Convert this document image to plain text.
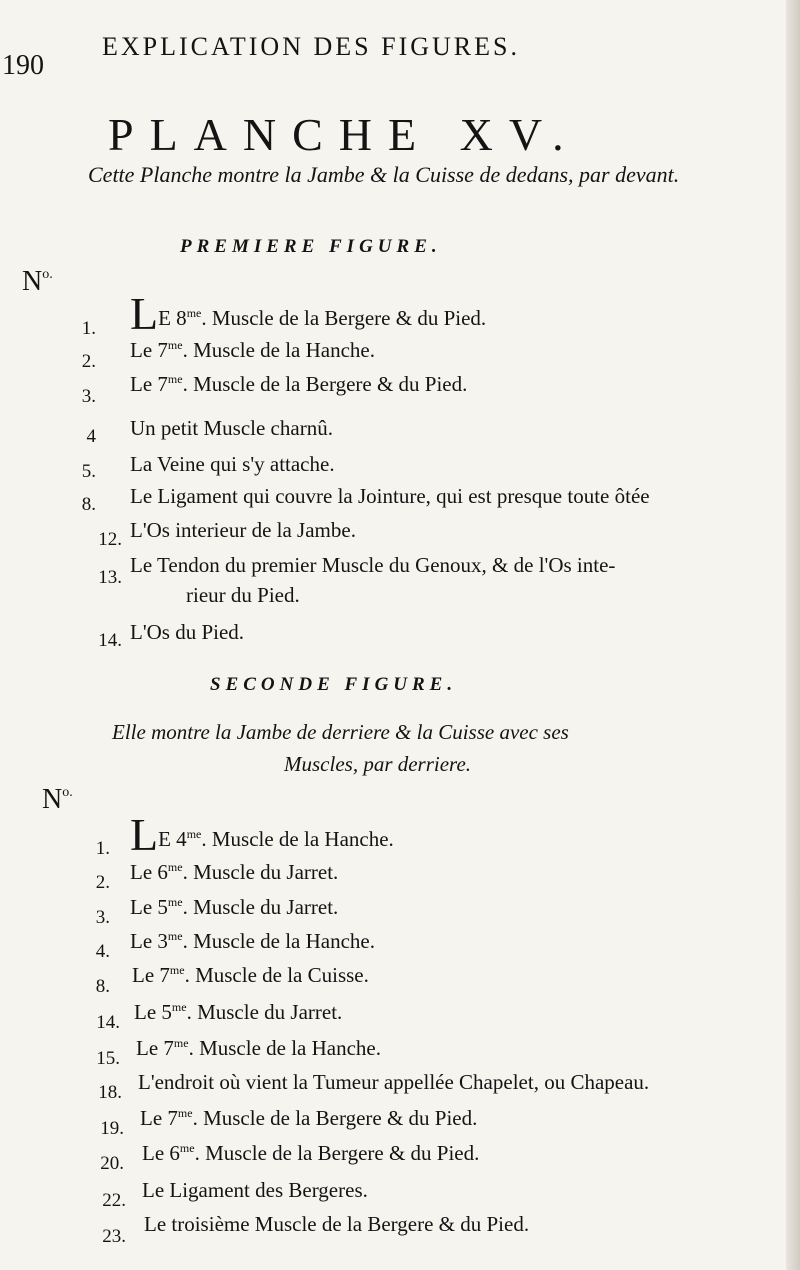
190
EXPLICATION DES FIGURES.
PLANCHE XV.
Cette Planche montre la Jambe & la Cuisse de dedans, par devant.
PREMIERE FIGURE.
$N^{o.}$
1. LE $8^{me}$. Muscle de la Bergere & du Pied.
2. Le $7^{me}$. Muscle de la Hanche.
3.
Le $7^{me}$. Muscle de la Bergere & du Pied.
4 Un petit Muscle charnû.
5. La Veine qui s'y attache.
8. Le Ligament qui couvre la Jointure, qui est presque toute ôtée
12. L'Os interieur de la Jambe.
13.
Le Tendon du premier Muscle du Genoux, & de l'Os inte-
rieur du Pied.
14. L'Os du Pied.
SECONDE FIGURE.
Elle montre la Jambe de derriere & la Cuisse avec ses
Muscles, par derriere.
$N^{o.}$
1. LE $4^{me}$. Muscle de la Hanche.
2. Le $6^{me}$. Muscle du Jarret.
3. Le $5^{me}$. Muscle du Jarret.
4. Le $3^{me}$. Muscle de la Hanche.
8. Le $7^{me}$. Muscle de la Cuisse.
14. Le $5^{me}$. Muscle du Jarret.
15. Le $7^{me}$. Muscle de la Hanche.
18. L'endroit où vient la Tumeur appellée Chapelet, ou Chapeau.
19. Le $7^{me}$. Muscle de la Bergere & du Pied.
20. Le $6^{me}$. Muscle de la Bergere & du Pied.
22. Le Ligament des Bergeres.
23.
Le troisième Muscle de la Bergere & du Pied.
